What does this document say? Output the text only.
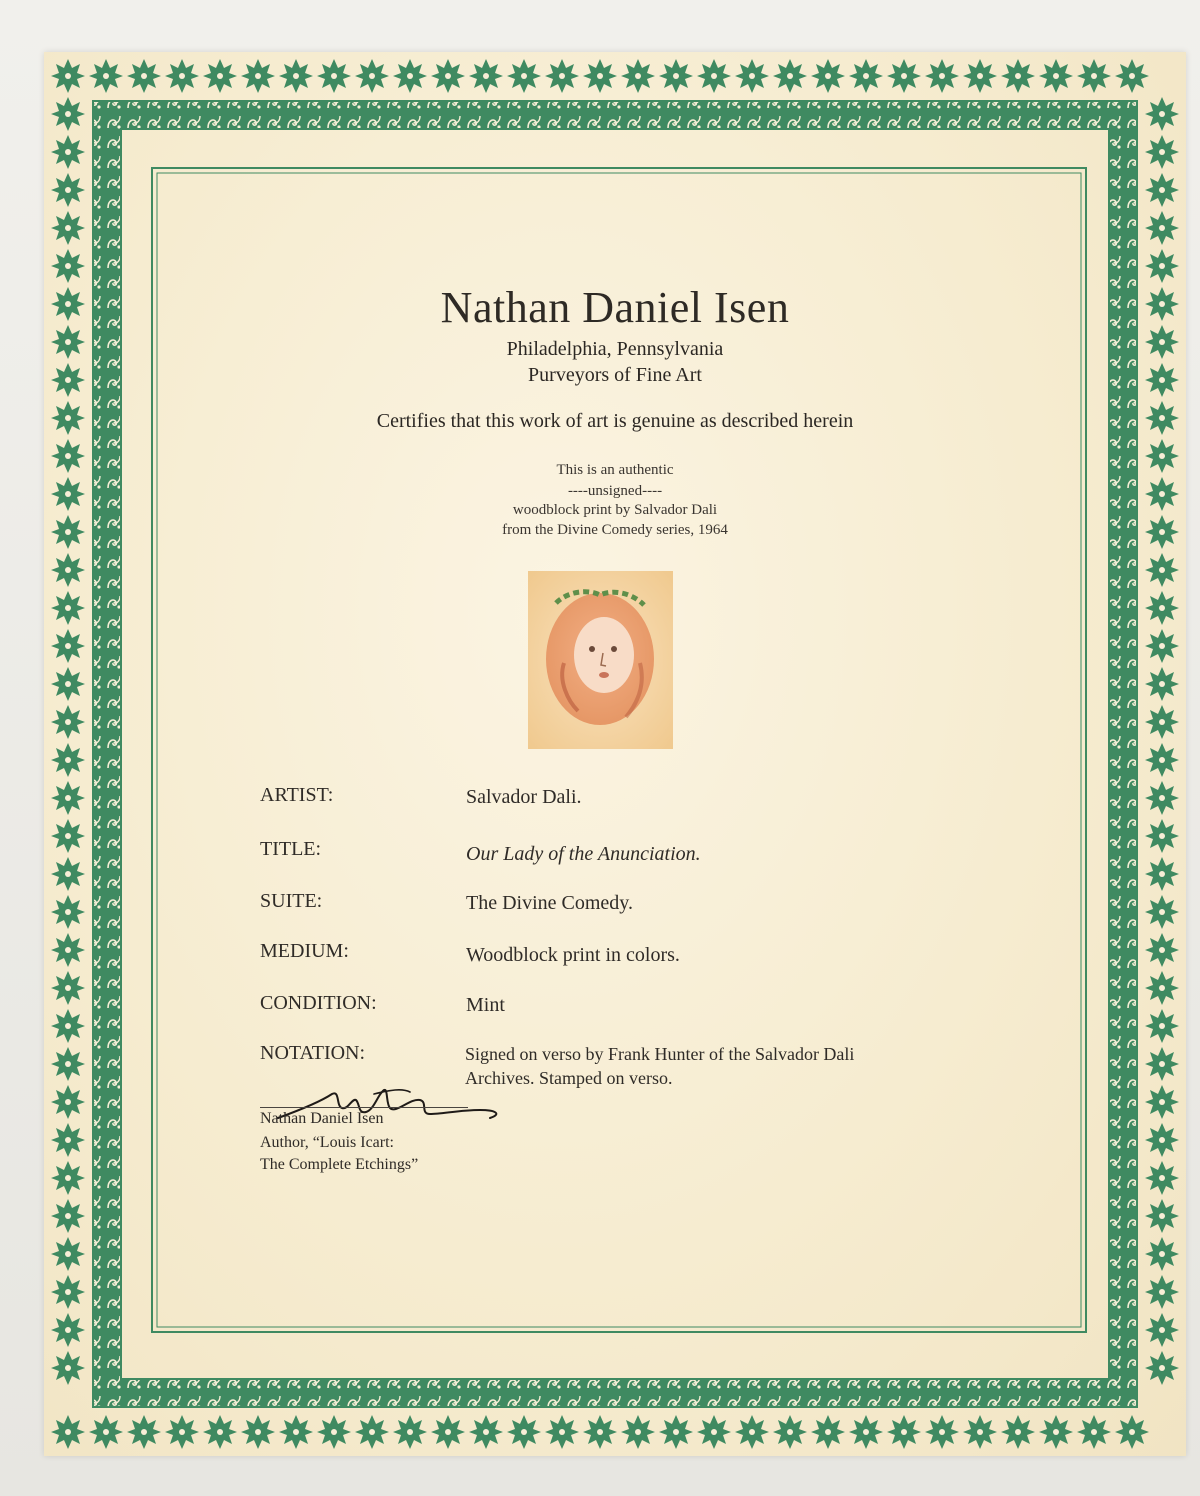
Nathan Daniel Isen
Philadelphia, Pennsylvania
Purveyors of Fine Art
Certifies that this work of art is genuine as described herein
This is an authentic
----unsigned----
woodblock print by Salvador Dali
from the Divine Comedy series, 1964
ARTIST:	Salvador Dali.
TITLE:	Our Lady of the Anunciation.
SUITE:	The Divine Comedy.
MEDIUM:	Woodblock print in colors.
CONDITION:	Mint
NOTATION:	Signed on verso by Frank Hunter of the Salvador Dali Archives. Stamped on verso.
Nathan Daniel Isen
Author, “Louis Icart:
The Complete Etchings”
